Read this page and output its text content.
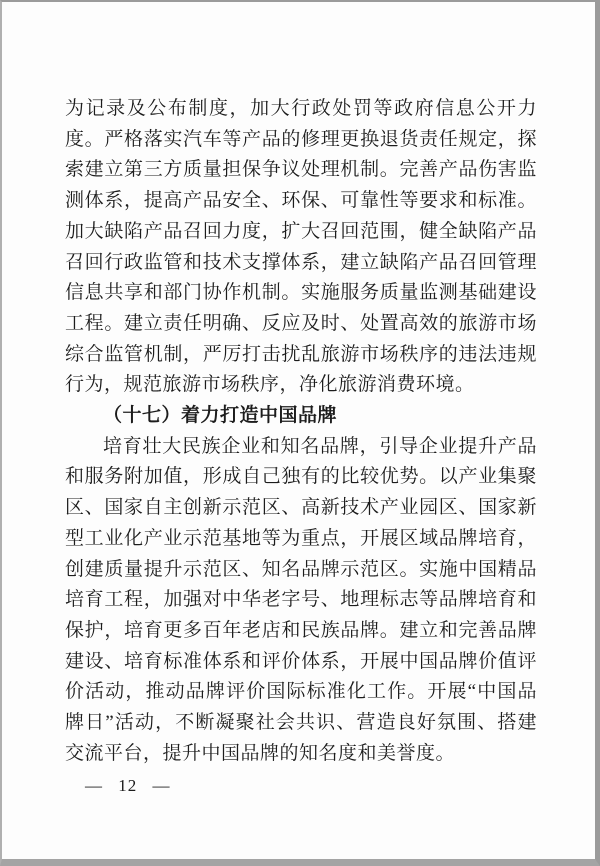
为记录及公布制度，加大行政处罚等政府信息公开力度。严格落实汽车等产品的修理更换退货责任规定，探索建立第三方质量担保争议处理机制。完善产品伤害监测体系，提高产品安全、环保、可靠性等要求和标准。加大缺陷产品召回力度，扩大召回范围，健全缺陷产品召回行政监管和技术支撑体系，建立缺陷产品召回管理信息共享和部门协作机制。实施服务质量监测基础建设工程。建立责任明确、反应及时、处置高效的旅游市场综合监管机制，严厉打击扰乱旅游市场秩序的违法违规行为，规范旅游市场秩序，净化旅游消费环境。

（十七）着力打造中国品牌

培育壮大民族企业和知名品牌，引导企业提升产品和服务附加值，形成自己独有的比较优势。以产业集聚区、国家自主创新示范区、高新技术产业园区、国家新型工业化产业示范基地等为重点，开展区域品牌培育，创建质量提升示范区、知名品牌示范区。实施中国精品培育工程，加强对中华老字号、地理标志等品牌培育和保护，培育更多百年老店和民族品牌。建立和完善品牌建设、培育标准体系和评价体系，开展中国品牌价值评价活动，推动品牌评价国际标准化工作。开展“中国品牌日”活动，不断凝聚社会共识、营造良好氛围、搭建交流平台，提升中国品牌的知名度和美誉度。

— 12 —
